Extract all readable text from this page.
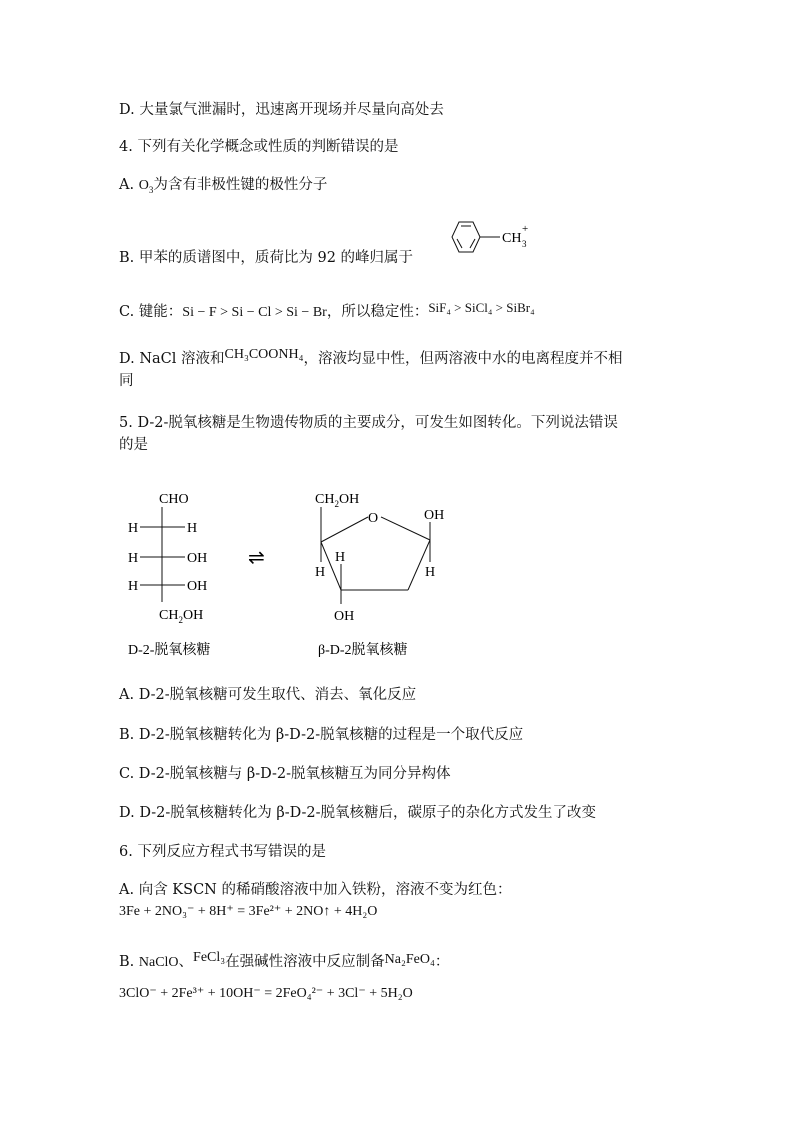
D. 大量氯气泄漏时，迅速离开现场并尽量向高处去
4. 下列有关化学概念或性质的判断错误的是
A. $O_3$为含有非极性键的极性分子
B. 甲苯的质谱图中，质荷比为 92 的峰归属于
CH 3
+
C. 键能：Si − F > Si − Cl > Si − Br，所以稳定性：SiF₄ > SiCl₄ > SiBr₄
D. NaCl 溶液和CH₃COONH₄，溶液均显中性，但两溶液中水的电离程度并不相
同
5. D-2-脱氧核糖是生物遗传物质的主要成分，可发生如图转化。下列说法错误
的是
CHO
H	H
H	OH
H	OH
$CH_2OH$
⇌
$CH_2OH$
O	OH
H
H
H
OH
D-2-脱氧核糖	β-D-2脱氧核糖
A. D-2-脱氧核糖可发生取代、消去、氧化反应
B. D-2-脱氧核糖转化为 β-D-2-脱氧核糖的过程是一个取代反应
C. D-2-脱氧核糖与 β-D-2-脱氧核糖互为同分异构体
D. D-2-脱氧核糖转化为 β-D-2-脱氧核糖后，碳原子的杂化方式发生了改变
6. 下列反应方程式书写错误的是
A. 向含 KSCN 的稀硝酸溶液中加入铁粉，溶液不变为红色：
3Fe + 2NO₃⁻ + 8H⁺ = 3Fe²⁺ + 2NO↑ + 4H₂O
B. NaClO、FeCl₃在强碱性溶液中反应制备Na₂FeO₄：
3ClO⁻ + 2Fe³⁺ + 10OH⁻ = 2FeO₄²⁻ + 3Cl⁻ + 5H₂O
